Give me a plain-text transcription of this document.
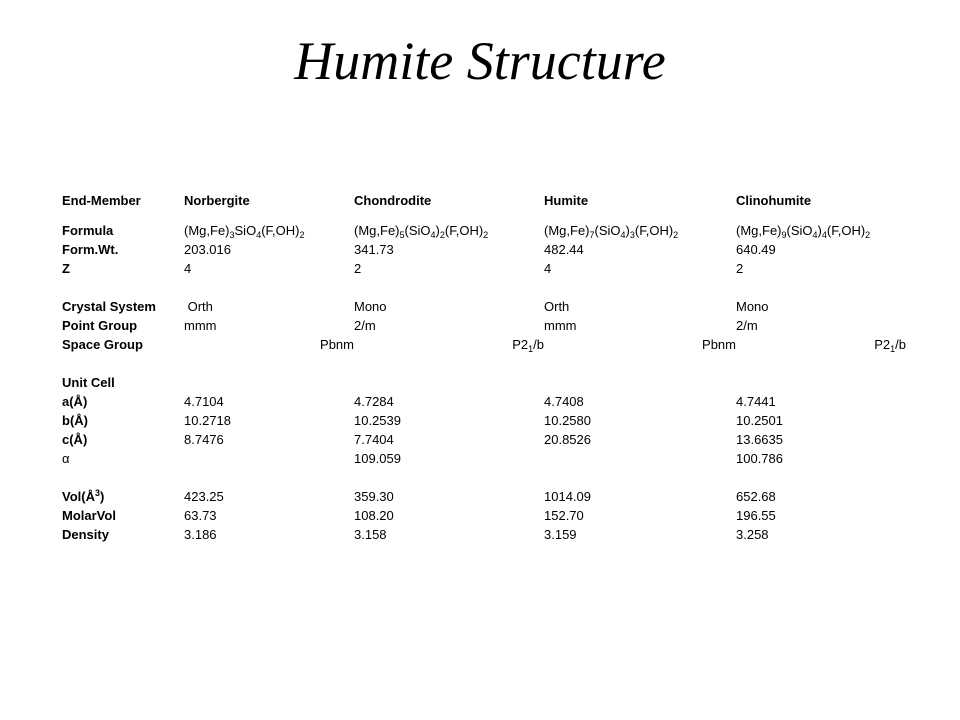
Humite Structure
End-Member	Norbergite	Chondrodite	Humite	Clinohumite

Formula	$(Mg,Fe)_3SiO_4(F,OH)_2$	$(Mg,Fe)_5(SiO_4)_2(F,OH)_2$	$(Mg,Fe)_7(SiO_4)_3(F,OH)_2$	$(Mg,Fe)_9(SiO_4)_4(F,OH)_2$
Form.Wt.	203.016	341.73	482.44	640.49
Z	4	2	4	2

Crystal System	Orth	Mono	Orth	Mono
Point Group	mmm	2/m	mmm	2/m
Space Group	Pbnm	$P2_1/b$	Pbnm	$P2_1/b$

Unit Cell				
a(Å)	4.7104	4.7284	4.7408	4.7441
b(Å)	10.2718	10.2539	10.2580	10.2501
c(Å)	8.7476	7.7404	20.8526	13.6635
α		109.059		100.786

$Vol(Å^3)$	423.25	359.30	1014.09	652.68
MolarVol	63.73	108.20	152.70	196.55
Density	3.186	3.158	3.159	3.258
